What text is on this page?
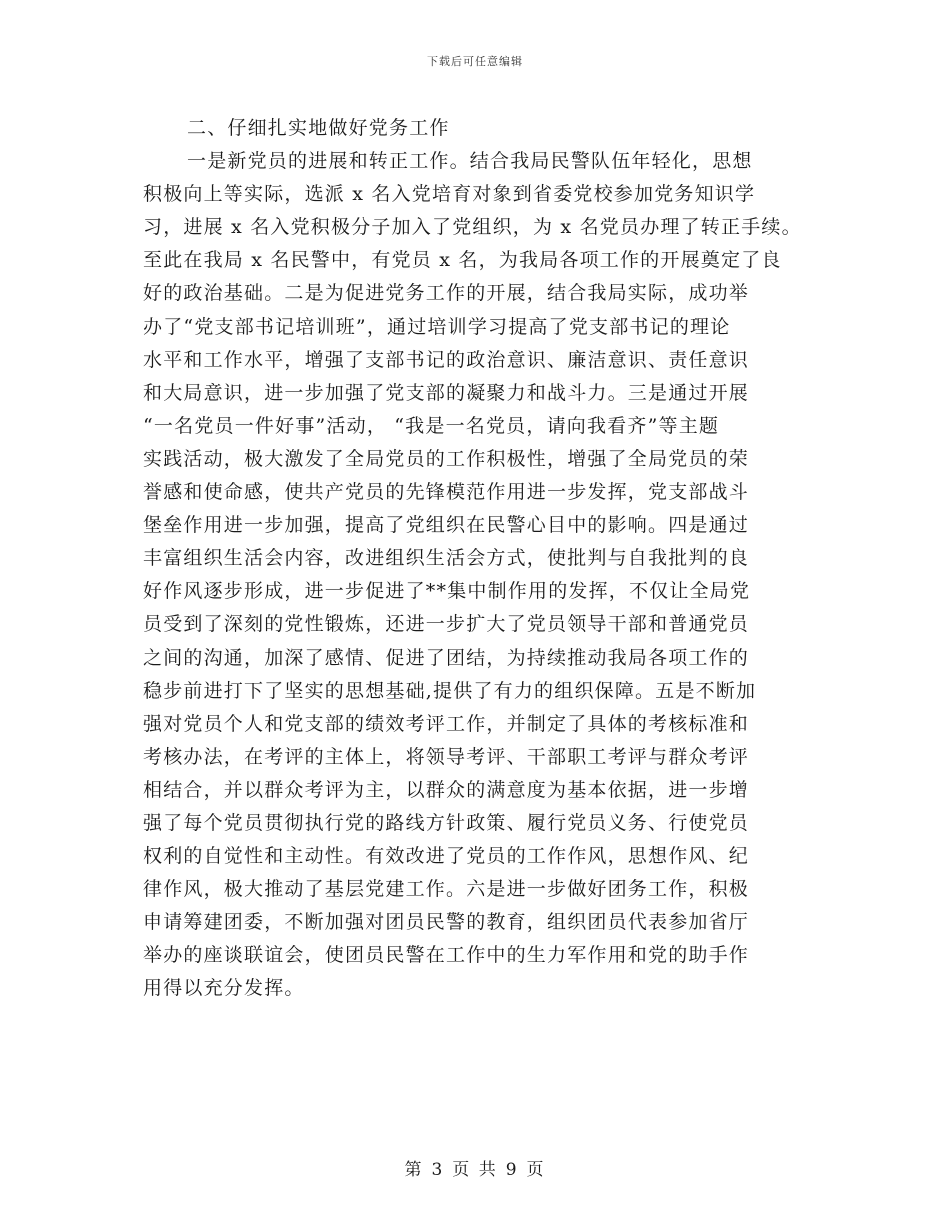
下载后可任意编辑
二、仔细扎实地做好党务工作
一是新党员的进展和转正工作。结合我局民警队伍年轻化，思想
积极向上等实际，选派 x 名入党培育对象到省委党校参加党务知识学
习，进展 x 名入党积极分子加入了党组织，为 x 名党员办理了转正手续。
至此在我局 x 名民警中，有党员 x 名，为我局各项工作的开展奠定了良
好的政治基础。二是为促进党务工作的开展，结合我局实际，成功举
办了“党支部书记培训班”，通过培训学习提高了党支部书记的理论
水平和工作水平，增强了支部书记的政治意识、廉洁意识、责任意识
和大局意识，进一步加强了党支部的凝聚力和战斗力。三是通过开展
“一名党员一件好事”活动， “我是一名党员，请向我看齐”等主题
实践活动，极大激发了全局党员的工作积极性，增强了全局党员的荣
誉感和使命感，使共产党员的先锋模范作用进一步发挥，党支部战斗
堡垒作用进一步加强，提高了党组织在民警心目中的影响。四是通过
丰富组织生活会内容，改进组织生活会方式，使批判与自我批判的良
好作风逐步形成，进一步促进了**集中制作用的发挥，不仅让全局党
员受到了深刻的党性锻炼，还进一步扩大了党员领导干部和普通党员
之间的沟通，加深了感情、促进了团结，为持续推动我局各项工作的
稳步前进打下了坚实的思想基础,提供了有力的组织保障。五是不断加
强对党员个人和党支部的绩效考评工作，并制定了具体的考核标准和
考核办法，在考评的主体上，将领导考评、干部职工考评与群众考评
相结合，并以群众考评为主，以群众的满意度为基本依据，进一步增
强了每个党员贯彻执行党的路线方针政策、履行党员义务、行使党员
权利的自觉性和主动性。有效改进了党员的工作作风，思想作风、纪
律作风，极大推动了基层党建工作。六是进一步做好团务工作，积极
申请筹建团委，不断加强对团员民警的教育，组织团员代表参加省厅
举办的座谈联谊会，使团员民警在工作中的生力军作用和党的助手作
用得以充分发挥。
第 3 页 共 9 页
